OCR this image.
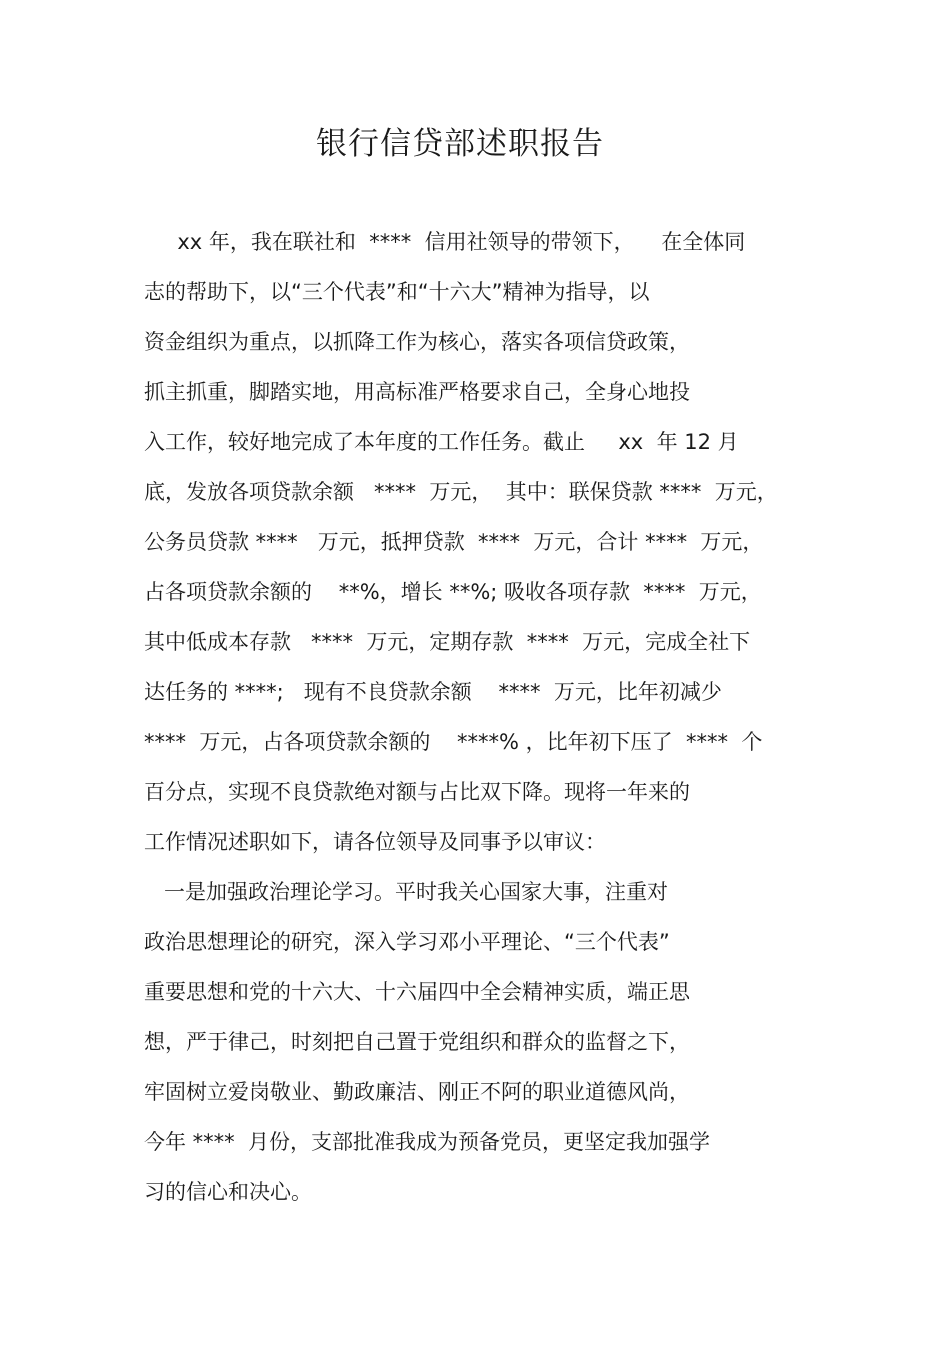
银行信贷部述职报告
xx 年，我在联社和  ****  信用社领导的带领下，    在全体同
志的帮助下，以“三个代表”和“十六大”精神为指导，以
资金组织为重点，以抓降工作为核心，落实各项信贷政策，
抓主抓重，脚踏实地，用高标准严格要求自己，全身心地投
入工作，较好地完成了本年度的工作任务。截止     xx  年 12 月
底，发放各项贷款余额   ****  万元，  其中：联保贷款 ****  万元，
公务员贷款 ****   万元，抵押贷款  ****  万元，合计 ****  万元，
占各项贷款余额的    **%，增长 **%; 吸收各项存款  ****  万元，
其中低成本存款   ****  万元，定期存款  ****  万元，完成全社下
达任务的 ****;   现有不良贷款余额    ****  万元，比年初减少
****  万元，占各项贷款余额的    ****% ，比年初下压了  ****  个
百分点，实现不良贷款绝对额与占比双下降。现将一年来的
工作情况述职如下，请各位领导及同事予以审议：
一是加强政治理论学习。平时我关心国家大事，注重对
政治思想理论的研究，深入学习邓小平理论、“三个代表”
重要思想和党的十六大、十六届四中全会精神实质，端正思
想，严于律己，时刻把自己置于党组织和群众的监督之下，
牢固树立爱岗敬业、勤政廉洁、刚正不阿的职业道德风尚，
今年 ****  月份，支部批准我成为预备党员，更坚定我加强学
习的信心和决心。
